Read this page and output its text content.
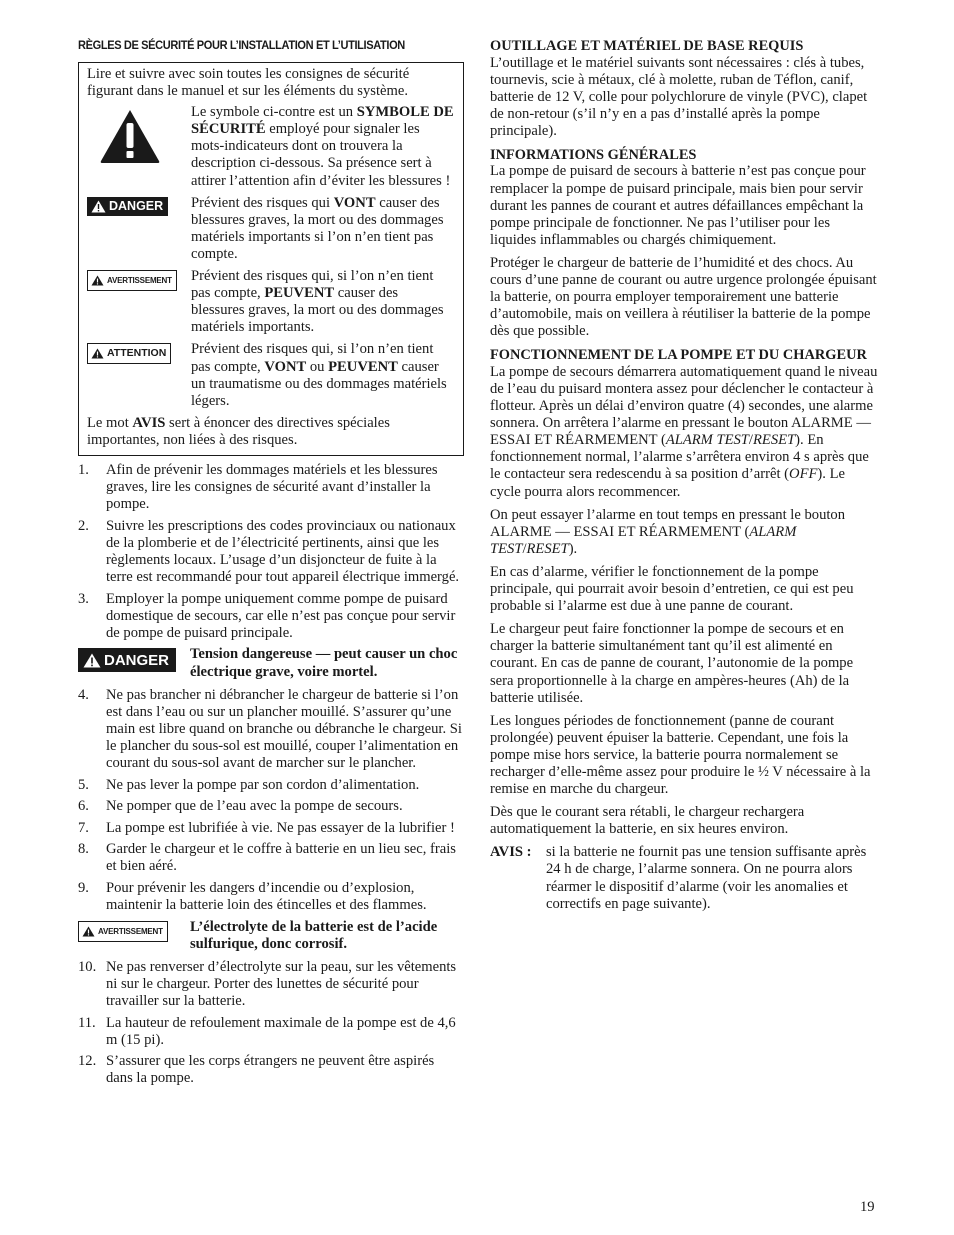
RÈGLES DE SÉCURITÉ POUR L’INSTALLATION ET L’UTILISATION
Lire et suivre avec soin toutes les consignes de sécurité figurant dans le manuel et sur les éléments du système.
Le symbole ci-contre est un SYMBOLE DE SÉCURITÉ employé pour signaler les mots-indicateurs dont on trouvera la description ci-dessous. Sa présence sert à attirer l’attention afin d’éviter les blessures !
DANGER Prévient des risques qui VONT causer des blessures graves, la mort ou des dommages matériels importants si l’on n’en tient pas compte.
AVERTISSEMENT Prévient des risques qui, si l’on n’en tient pas compte, PEUVENT causer des blessures graves, la mort ou des dommages matériels importants.
ATTENTION Prévient des risques qui, si l’on n’en tient pas compte, VONT ou PEUVENT causer un traumatisme ou des dommages matériels légers.
Le mot AVIS sert à énoncer des directives spéciales importantes, non liées à des risques.
1.	Afin de prévenir les dommages matériels et les blessures graves, lire les consignes de sécurité avant d’installer la pompe.
2.	Suivre les prescriptions des codes provinciaux ou nationaux de la plomberie et de l’électricité pertinents, ainsi que les règlements locaux. L’usage d’un disjoncteur de fuite à la terre est recommandé pour tout appareil électrique immergé.
3.	Employer la pompe uniquement comme pompe de puisard domestique de secours, car elle n’est pas conçue pour servir de pompe de puisard principale.
DANGER Tension dangereuse — peut causer un choc électrique grave, voire mortel.
4.	Ne pas brancher ni débrancher le chargeur de batterie si l’on est dans l’eau ou sur un plancher mouillé. S’assurer qu’une main est libre quand on branche ou débranche le chargeur. Si le plancher du sous-sol est mouillé, couper l’alimentation en courant du sous-sol avant de marcher sur le plancher.
5.	Ne pas lever la pompe par son cordon d’alimentation.
6.	Ne pomper que de l’eau avec la pompe de secours.
7.	La pompe est lubrifiée à vie. Ne pas essayer de la lubrifier !
8.	Garder le chargeur et le coffre à batterie en un lieu sec, frais et bien aéré.
9.	Pour prévenir les dangers d’incendie ou d’explosion, maintenir la batterie loin des étincelles et des flammes.
AVERTISSEMENT L’électrolyte de la batterie est de l’acide sulfurique, donc corrosif.
10. Ne pas renverser d’électrolyte sur la peau, sur les vêtements ni sur le chargeur. Porter des lunettes de sécurité pour travailler sur la batterie.
11. La hauteur de refoulement maximale de la pompe est de 4,6 m (15 pi).
12. S’assurer que les corps étrangers ne peuvent être aspirés dans la pompe.
OUTILLAGE ET MATÉRIEL DE BASE REQUIS
L’outillage et le matériel suivants sont nécessaires : clés à tubes, tournevis, scie à métaux, clé à molette, ruban de Téflon, canif, batterie de 12 V, colle pour polychlorure de vinyle (PVC), clapet de non-retour (s’il n’y en a pas d’installé après la pompe principale).
INFORMATIONS GÉNÉRALES
La pompe de puisard de secours à batterie n’est pas conçue pour remplacer la pompe de puisard principale, mais bien pour servir durant les pannes de courant et autres défaillances empêchant la pompe principale de fonctionner. Ne pas l’utiliser pour les liquides inflammables ou chargés chimiquement.
Protéger le chargeur de batterie de l’humidité et des chocs. Au cours d’une panne de courant ou autre urgence prolongée épuisant la batterie, on pourra employer temporairement une batterie d’automobile, mais on veillera à réutiliser la batterie de la pompe dès que possible.
FONCTIONNEMENT DE LA POMPE ET DU CHARGEUR
La pompe de secours démarrera automatiquement quand le niveau de l’eau du puisard montera assez pour déclencher le contacteur à flotteur. Après un délai d’environ quatre (4) secondes, une alarme sonnera. On arrêtera l’alarme en pressant le bouton ALARME — ESSAI ET RÉARMEMENT (ALARM TEST/RESET). En fonctionnement normal, l’alarme s’arrêtera environ 4 s après que le contacteur sera redescendu à sa position d’arrêt (OFF). Le cycle pourra alors recommencer.
On peut essayer l’alarme en tout temps en pressant le bouton ALARME — ESSAI ET RÉARMEMENT (ALARM TEST/RESET).
En cas d’alarme, vérifier le fonctionnement de la pompe principale, qui pourrait avoir besoin d’entretien, ce qui est peu probable si l’alarme est due à une panne de courant.
Le chargeur peut faire fonctionner la pompe de secours et en charger la batterie simultanément tant qu’il est alimenté en courant. En cas de panne de courant, l’autonomie de la pompe sera proportionnelle à la charge en ampères-heures (Ah) de la batterie utilisée.
Les longues périodes de fonctionnement (panne de courant prolongée) peuvent épuiser la batterie. Cependant, une fois la pompe mise hors service, la batterie pourra normalement se recharger d’elle-même assez pour produire le ½ V nécessaire à la remise en marche du chargeur.
Dès que le courant sera rétabli, le chargeur rechargera automatiquement la batterie, en six heures environ.
AVIS : si la batterie ne fournit pas une tension suffisante après 24 h de charge, l’alarme sonnera. On ne pourra alors réarmer le dispositif d’alarme (voir les anomalies et correctifs en page suivante).
19
